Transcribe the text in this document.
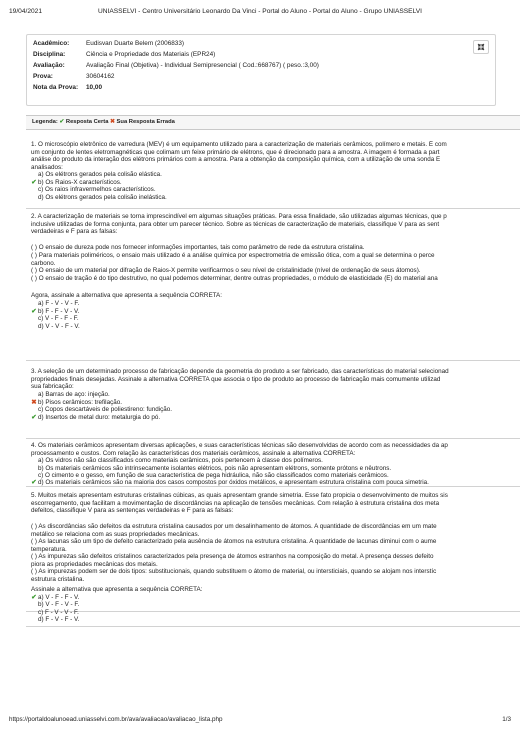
19/04/2021	UNIASSELVI - Centro Universitário Leonardo Da Vinci - Portal do Aluno - Portal do Aluno - Grupo UNIASSELVI
Acadêmico:	Eudisvan Duarte Belem (2006833)
Disciplina:	Ciência e Propriedade dos Materiais (EPR24)
Avaliação:	Avaliação Final (Objetiva) - Individual Semipresencial ( Cod.:668767) ( peso.:3,00)
Prova:	30604162
Nota da Prova: 10,00
Legenda: ✔ Resposta Certa ✖ Sua Resposta Errada
1. O microscópio eletrônico de varredura (MEV) é um equipamento utilizado para a caracterização de materiais cerâmicos, polímero e metais. É com
um conjunto de lentes eletromagnéticas que colimam um feixe primário de elétrons, que é direcionado para a amostra. A imagem é formada a part
análise do produto da interação dos elétrons primários com a amostra. Para a obtenção da composição química, com a utilização de uma sonda E
analisados:
a) Os elétrons gerados pela colisão elástica.
✔b) Os Raios-X característicos.
c) Os raios infravermelhos característicos.
d) Os elétrons gerados pela colisão inelástica.
2. A caracterização de materiais se torna imprescindível em algumas situações práticas. Para essa finalidade, são utilizadas algumas técnicas, que p
inclusive utilizadas de forma conjunta, para obter um parecer técnico. Sobre as técnicas de caracterização de materiais, classifique V para as sent
verdadeiras e F para as falsas:
( ) O ensaio de dureza pode nos fornecer informações importantes, tais como parâmetro de rede da estrutura cristalina.
( ) Para materiais poliméricos, o ensaio mais utilizado é a análise química por espectrometria de emissão ótica, com a qual se determina o perce
carbono.
( ) O ensaio de um material por difração de Raios-X permite verificarmos o seu nível de cristalinidade (nível de ordenação de seus átomos).
( ) O ensaio de tração é do tipo destrutivo, no qual podemos determinar, dentre outras propriedades, o módulo de elasticidade (E) do material ana
Agora, assinale a alternativa que apresenta a sequência CORRETA:
a) F - V - V - F.
✔b) F - F - V - V.
c) V - F - F - F.
d) V - V - F - V.
3. A seleção de um determinado processo de fabricação depende da geometria do produto a ser fabricado, das características do material selecionad
propriedades finais desejadas. Assinale a alternativa CORRETA que associa o tipo de produto ao processo de fabricação mais comumente utilizad
sua fabricação:
a) Barras de aço: injeção.
✖b) Pisos cerâmicos: trefilação.
c) Copos descartáveis de poliestireno: fundição.
✔d) Insertos de metal duro: metalurgia do pó.
4. Os materiais cerâmicos apresentam diversas aplicações, e suas características técnicas são desenvolvidas de acordo com as necessidades da ap
processamento e custos. Com relação às características dos materiais cerâmicos, assinale a alternativa CORRETA:
a) Os vidros não são classificados como materiais cerâmicos, pois pertencem à classe dos polímeros.
b) Os materiais cerâmicos são intrinsecamente isolantes elétricos, pois não apresentam elétrons, somente prótons e nêutrons.
c) O cimento e o gesso, em função de sua característica de pega hidráulica, não são classificados como materiais cerâmicos.
✔d) Os materiais cerâmicos são na maioria dos casos compostos por óxidos metálicos, e apresentam estrutura cristalina com pouca simetria.
5. Muitos metais apresentam estruturas cristalinas cúbicas, as quais apresentam grande simetria. Esse fato propicia o desenvolvimento de muitos sis
escorregamento, que facilitam a movimentação de discordâncias na aplicação de tensões mecânicas. Com relação à estrutura cristalina dos meta
defeitos, classifique V para as sentenças verdadeiras e F para as falsas:
( ) As discordâncias são defeitos da estrutura cristalina causados por um desalinhamento de átomos. A quantidade de discordâncias em um mate
metálico se relaciona com as suas propriedades mecânicas.
( ) As lacunas são um tipo de defeito caracterizado pela ausência de átomos na estrutura cristalina. A quantidade de lacunas diminui com o aume
temperatura.
( ) As impurezas são defeitos cristalinos caracterizados pela presença de átomos estranhos na composição do metal. A presença desses defeito
piora as propriedades mecânicas dos metais.
( ) As impurezas podem ser de dois tipos: substitucionais, quando substituem o átomo de material, ou intersticiais, quando se alojam nos interstíc
estrutura cristalina.
Assinale a alternativa que apresenta a sequência CORRETA:
✔a) V - F - F - V.
b) V - F - V - F.
c) F - V - V - F.
d) F - V - F - V.
https://portaldoalunoead.uniasselvi.com.br/ava/avaliacao/avaliacao_lista.php	1/3
